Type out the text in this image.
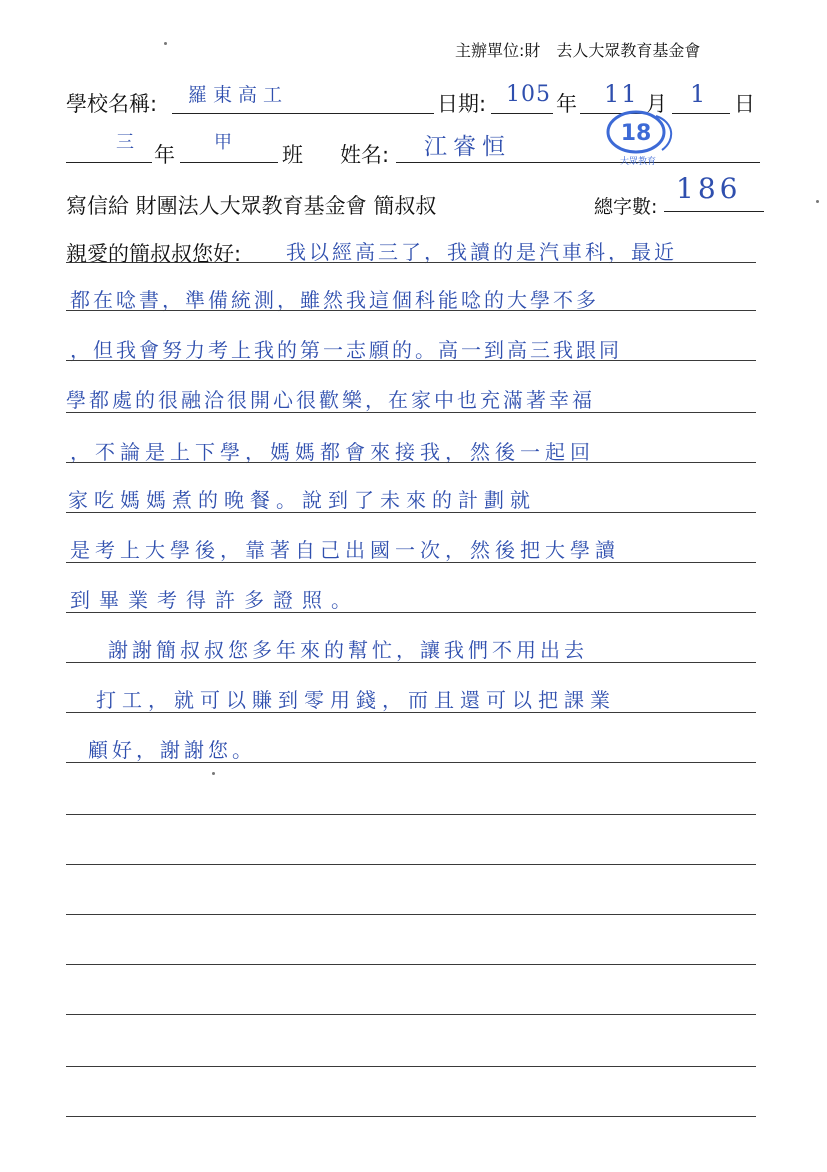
主辦單位:財 去人大眾教育基金會
學校名稱: 羅東高工	日期: 105 年 11 月 1 日
三
年
甲
班 姓名: 江睿恒
18
大眾教育
寫信給 財團法人大眾教育基金會 簡叔叔	總字數:
186
親愛的簡叔叔您好: 我以經高三了，我讀的是汽車科，最近
都在唸書，準備統測，雖然我這個科能唸的大學不多
，但我會努力考上我的第一志願的。高一到高三我跟同
學都處的很融洽很開心很歡樂，在家中也充滿著幸福
，不論是上下學，媽媽都會來接我，然後一起回
家吃媽媽煮的晚餐。說到了未來的計劃就
是考上大學後，靠著自己出國一次，然後把大學讀
到畢業考得許多證照。
謝謝簡叔叔您多年來的幫忙，讓我們不用出去
打工，就可以賺到零用錢，而且還可以把課業
顧好，謝謝您。
